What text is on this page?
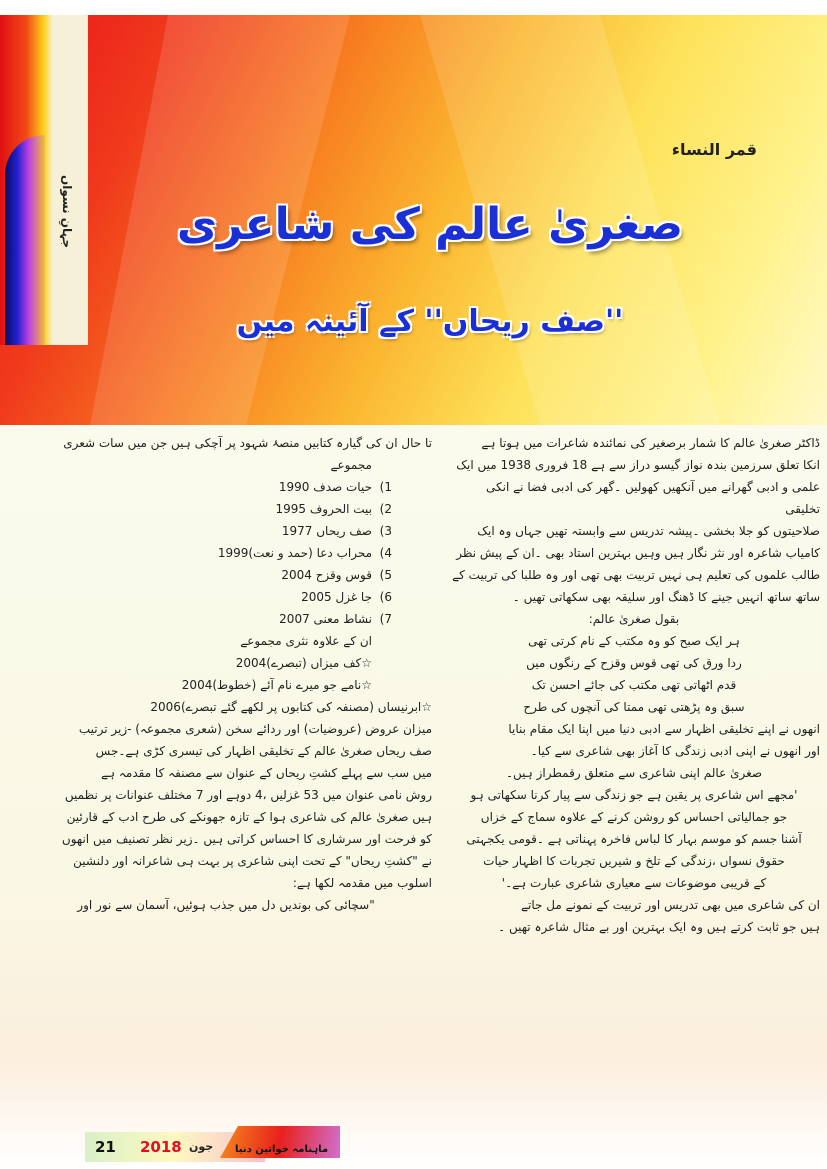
جہانِ نسواں
قمر النساء
صغریٰ عالم کی شاعری
''صف ریحاں'' کے آئینہ میں

ڈاکٹر صغریٰ عالم کا شمار برصغیر کی نمائندہ شاعرات میں ہوتا ہے

انکا تعلق سرزمین بندہ نواز گیسو دراز سے ہے 18 فروری 1938 میں ایک

علمی و ادبی گھرانے میں آنکھیں کھولیں ۔گھر کی ادبی فضا نے انکی تخلیقی

صلاحیتوں کو جلا بخشی ۔پیشہ تدریس سے وابستہ تھیں جہاں وہ ایک

کامیاب شاعرہ اور نثر نگار ہیں وہیں بہترین استاد بھی ۔ان کے پیش نظر

طالب علموں کی تعلیم ہی نہیں تربیت بھی تھی اور وہ طلبا کی تربیت کے

ساتھ ساتھ انہیں جینے کا ڈھنگ اور سلیقہ بھی سکھاتی تھیں ۔

بقول صغریٰ عالم:

ہر ایک صبح کو وہ مکتب کے نام کرتی تھی

ردا ورق کی تھی قوس وقزح کے رنگوں میں

قدم اٹھاتی تھی مکتب کی جائے احسن تک

سبق وہ پڑھتی تھی ممتا کی آنچوں کی طرح

انھوں نے اپنے تخلیقی اظہار سے ادبی دنیا میں اپنا ایک مقام بنایا

اور انھوں نے اپنی ادبی زندگی کا آغاز بھی شاعری سے کیا۔

صغریٰ عالم اپنی شاعری سے متعلق رقمطراز ہیں۔

'مجھے اس شاعری پر یقین ہے جو زندگی سے پیار کرنا سکھاتی ہو

جو جمالیاتی احساس کو روشن کرنے کے علاوہ سماج کے خزاں

آشنا جسم کو موسم بہار کا لباس فاخرہ پہناتی ہے ۔قومی یکجہتی

حقوق نسواں ،زندگی کے تلخ و شیریں تجربات کا اظہار حیات

کے قریبی موضوعات سے معیاری شاعری عبارت ہے۔'

ان کی شاعری میں بھی تدریس اور تربیت کے نمونے مل جاتے

ہیں جو ثابت کرتے ہیں وہ ایک بہترین اور بے مثال شاعرہ تھیں ۔

تا حال ان کی گیارہ کتابیں منصۂ شہود پر آچکی ہیں جن میں سات شعری

مجموعے

1)
حیات صدف 1990
2)
بیت الحروف 1995
3)
صف ریحاں 1977
4)
محراب دعا (حمد و نعت)1999
5)
قوس وقزح 2004
6)
جا غزل 2005
7)
نشاط معنی 2007

ان کے علاوہ نثری مجموعے

☆کف میزاں (تبصرے)2004

☆نامے جو میرے نام آئے (خطوط)2004

☆ابرنیساں (مصنفہ کی کتابوں پر لکھے گئے تبصرے)2006

میزان عروض (عروضیات) اور ردائے سخن (شعری مجموعہ) -زیر ترتیب

صف ریحاں صغریٰ عالم کے تخلیقی اظہار کی تیسری کڑی ہے۔جس

میں سب سے پہلے کشتِ ریحاں کے عنوان سے مصنفہ کا مقدمہ ہے

روش نامی عنوان میں 53 غزلیں ،4 دوہے اور 7 مختلف عنوانات پر نظمیں

ہیں صغریٰ عالم کی شاعری ہوا کے تازہ جھونکے کی طرح ادب کے قارئین

کو فرحت اور سرشاری کا احساس کراتی ہیں ۔زیر نظر تصنیف میں انھوں

نے "کشتِ ریحاں" کے تحت اپنی شاعری پر بہت ہی شاعرانہ اور دلنشین

اسلوب میں مقدمہ لکھا ہے:

"سچائی کی بوندیں دل میں جذب ہوئیں، آسمان سے نور اور

21 2018 جون ماہنامہ خواتین دنیا
